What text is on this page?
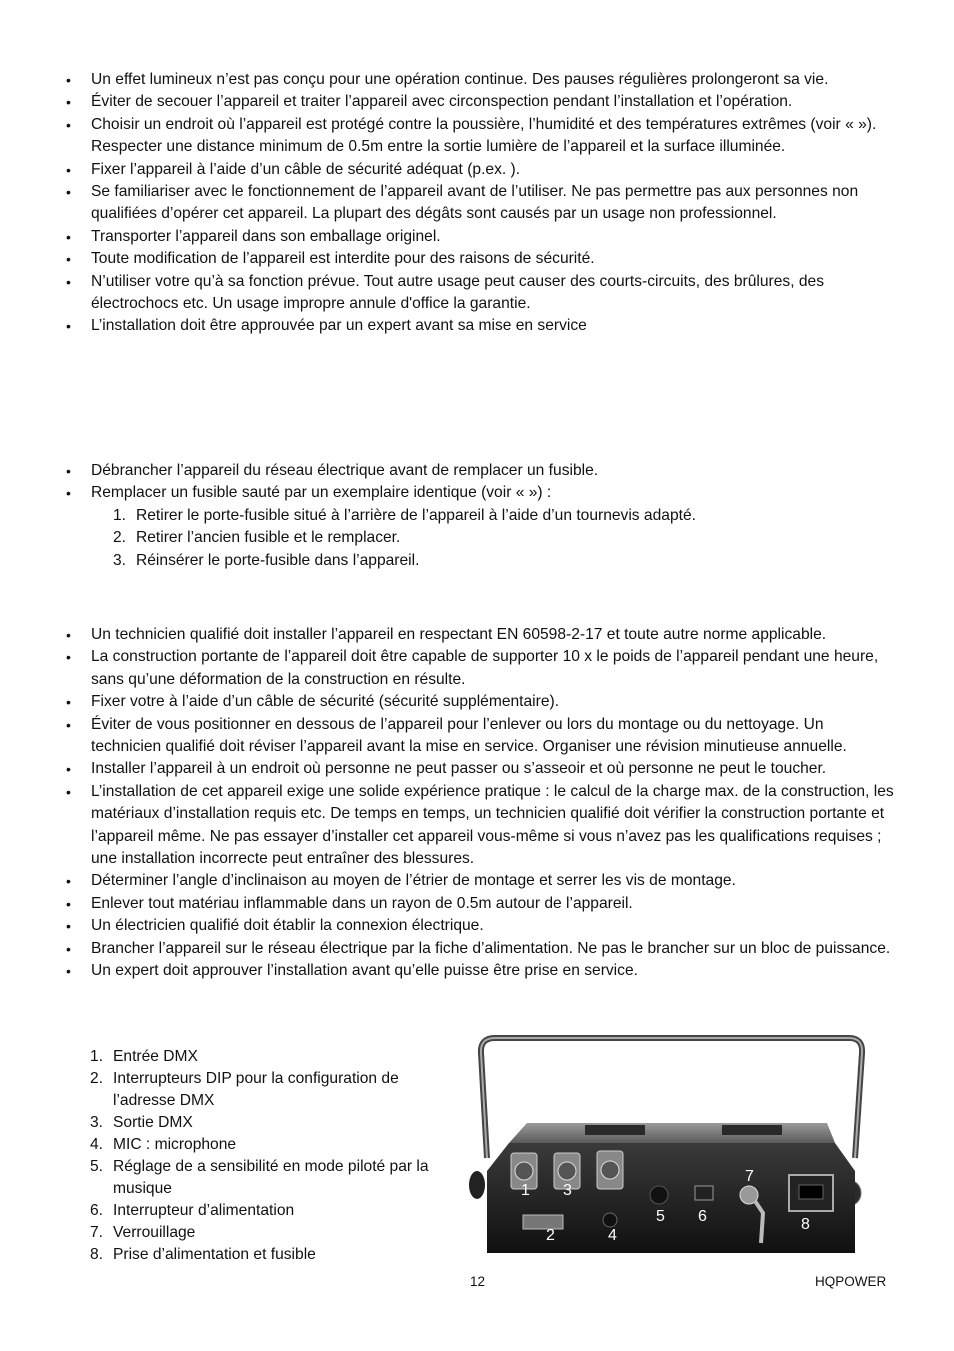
• Un effet lumineux n’est pas conçu pour une opération continue. Des pauses régulières prolongeront sa vie.
• Éviter de secouer l’appareil et traiter l’appareil avec circonspection pendant l’installation et l’opération.
• Choisir un endroit où l’appareil est protégé contre la poussière, l’humidité et des températures extrêmes (voir « »). Respecter une distance minimum de 0.5m entre la sortie lumière de l’appareil et la surface illuminée.
• Fixer l’appareil à l’aide d’un câble de sécurité adéquat (p.ex. ).
• Se familiariser avec le fonctionnement de l’appareil avant de l’utiliser. Ne pas permettre pas aux personnes non qualifiées d’opérer cet appareil. La plupart des dégâts sont causés par un usage non professionnel.
• Transporter l’appareil dans son emballage originel.
• Toute modification de l’appareil est interdite pour des raisons de sécurité.
• N’utiliser votre qu’à sa fonction prévue. Tout autre usage peut causer des courts-circuits, des brûlures, des électrochocs etc. Un usage impropre annule d'office la garantie.
• L’installation doit être approuvée par un expert avant sa mise en service
• Débrancher l’appareil du réseau électrique avant de remplacer un fusible.
• Remplacer un fusible sauté par un exemplaire identique (voir « ») :
1. Retirer le porte-fusible situé à l’arrière de l’appareil à l’aide d’un tournevis adapté.
2. Retirer l’ancien fusible et le remplacer.
3. Réinsérer le porte-fusible dans l’appareil.
• Un technicien qualifié doit installer l’appareil en respectant EN 60598-2-17 et toute autre norme applicable.
• La construction portante de l’appareil doit être capable de supporter 10 x le poids de l’appareil pendant une heure, sans qu’une déformation de la construction en résulte.
• Fixer votre à l’aide d’un câble de sécurité (sécurité supplémentaire).
• Éviter de vous positionner en dessous de l’appareil pour l’enlever ou lors du montage ou du nettoyage. Un technicien qualifié doit réviser l’appareil avant la mise en service. Organiser une révision minutieuse annuelle.
• Installer l’appareil à un endroit où personne ne peut passer ou s’asseoir et où personne ne peut le toucher.
• L’installation de cet appareil exige une solide expérience pratique : le calcul de la charge max. de la construction, les matériaux d’installation requis etc. De temps en temps, un technicien qualifié doit vérifier la construction portante et l’appareil même. Ne pas essayer d’installer cet appareil vous-même si vous n’avez pas les qualifications requises ; une installation incorrecte peut entraîner des blessures.
• Déterminer l’angle d’inclinaison au moyen de l’étrier de montage et serrer les vis de montage.
• Enlever tout matériau inflammable dans un rayon de 0.5m autour de l’appareil.
• Un électricien qualifié doit établir la connexion électrique.
• Brancher l’appareil sur le réseau électrique par la fiche d’alimentation. Ne pas le brancher sur un bloc de puissance.
• Un expert doit approuver l’installation avant qu’elle puisse être prise en service.
1. Entrée DMX
2. Interrupteurs DIP pour la configuration de l’adresse DMX
3. Sortie DMX
4. MIC : microphone
5. Réglage de a sensibilité en mode piloté par la musique
6. Interrupteur d’alimentation
7. Verrouillage
8. Prise d’alimentation et fusible
1
2
3
4
5 6
7
8
12	HQPOWER
